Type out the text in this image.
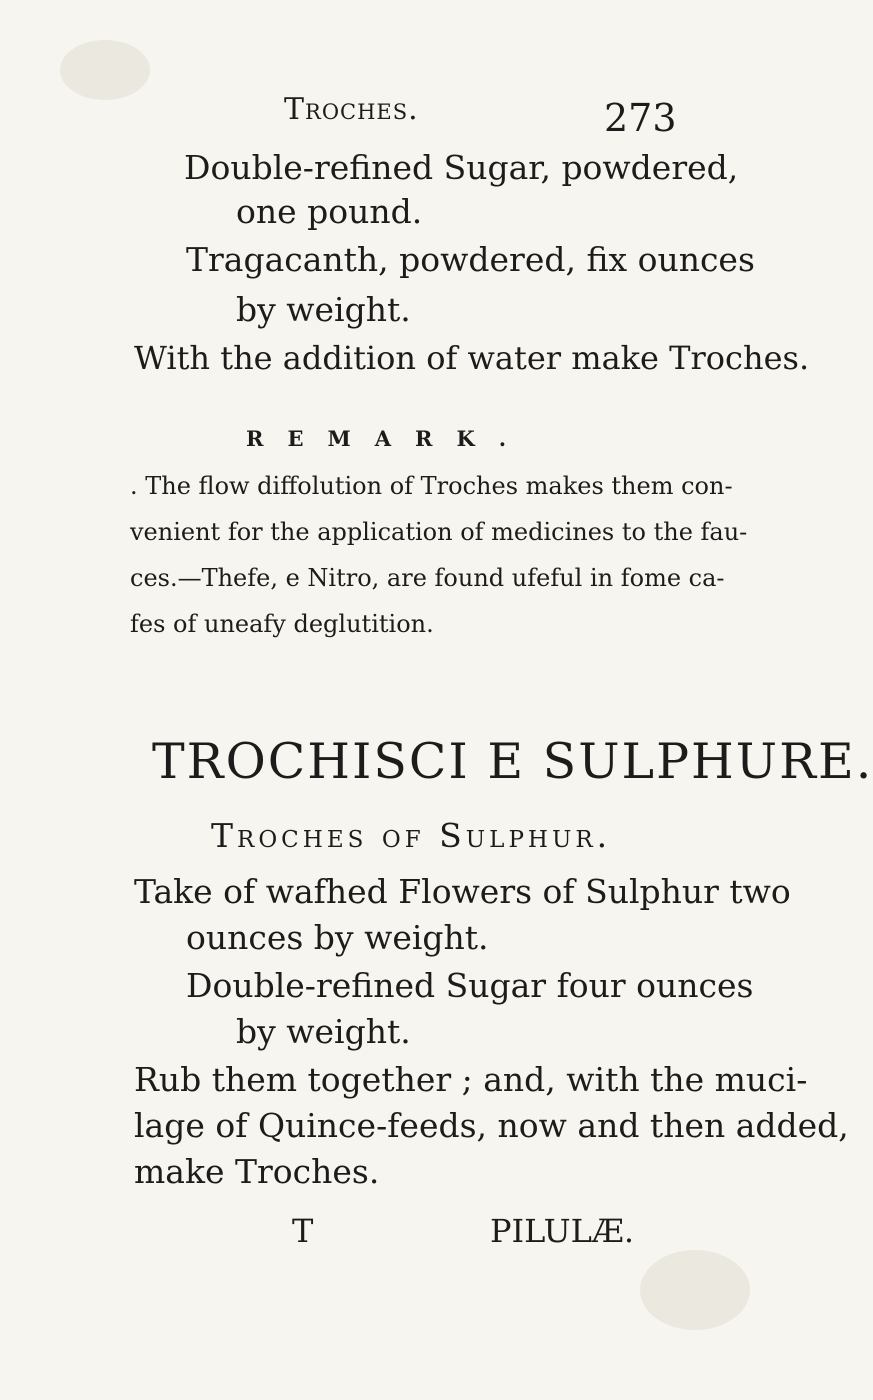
Troches.	273
Double-refined Sugar, powdered,
one pound.
Tragacanth, powdered, fix ounces
by weight.
With the addition of water make Troches.
REMARK.
. The flow diffolution of Troches makes them con-
venient for the application of medicines to the fau-
ces.—Thefe, e Nitro, are found ufeful in fome ca-
fes of uneafy deglutition.
TROCHISCI E SULPHURE.
Troches of Sulphur.
Take of wafhed Flowers of Sulphur two
ounces by weight.
Double-refined Sugar four ounces
by weight.
Rub them together ; and, with the muci-
lage of Quince-feeds, now and then added,
make Troches.
T	PILULÆ.
